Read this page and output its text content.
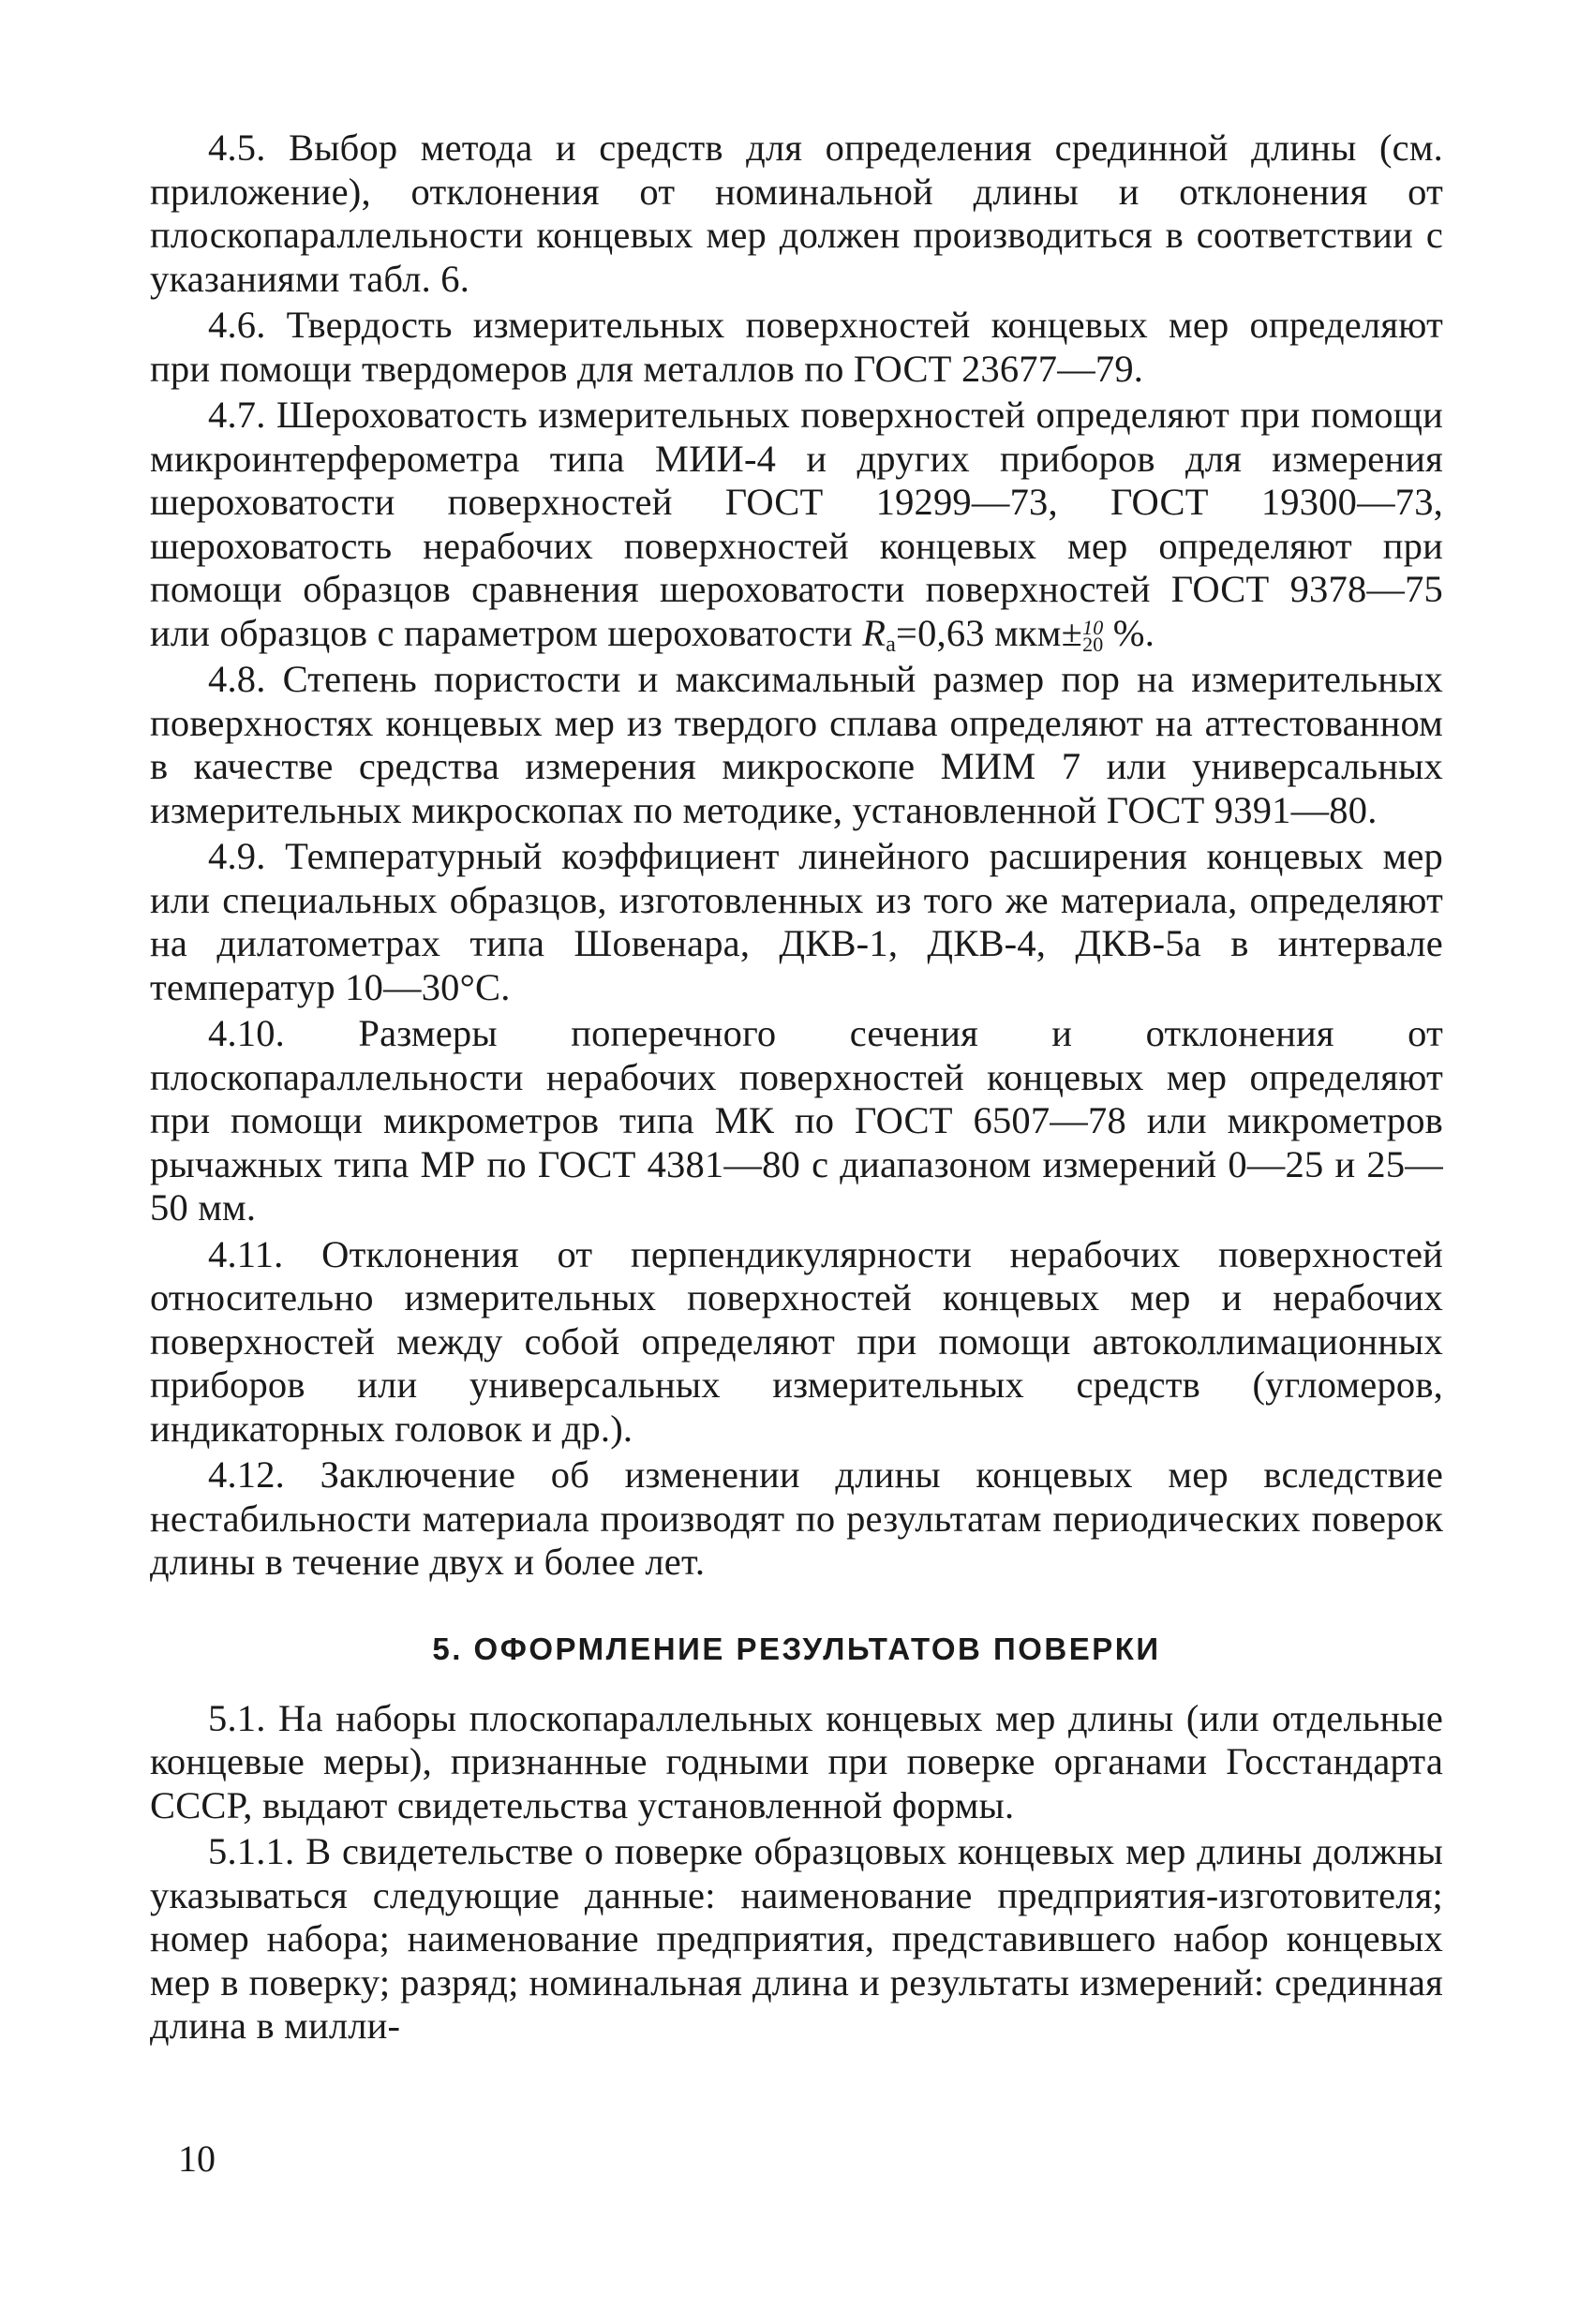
4.5. Выбор метода и средств для определения срединной длины (см. приложение), отклонения от номинальной длины и отклонения от плоскопараллельности концевых мер должен производиться в соответствии с указаниями табл. 6.

4.6. Твердость измерительных поверхностей концевых мер определяют при помощи твердомеров для металлов по ГОСТ 23677—79.

4.7. Шероховатость измерительных поверхностей определяют при помощи микроинтерферометра типа МИИ-4 и других приборов для измерения шероховатости поверхностей ГОСТ 19299—73, ГОСТ 19300—73, шероховатость нерабочих поверхностей концевых мер определяют при помощи образцов сравнения шероховатости поверхностей ГОСТ 9378—75 или образцов с параметром шероховатости $R_a=0,63$ мкм± 10
20 %.

4.8. Степень пористости и максимальный размер пор на измерительных поверхностях концевых мер из твердого сплава определяют на аттестованном в качестве средства измерения микроскопе МИМ 7 или универсальных измерительных микроскопах по методике, установленной ГОСТ 9391—80.

4.9. Температурный коэффициент линейного расширения концевых мер или специальных образцов, изготовленных из того же материала, определяют на дилатометрах типа Шовенара, ДКВ-1, ДКВ-4, ДКВ-5а в интервале температур 10—30°С.

4.10. Размеры поперечного сечения и отклонения от плоскопараллельности нерабочих поверхностей концевых мер определяют при помощи микрометров типа МК по ГОСТ 6507—78 или микрометров рычажных типа МР по ГОСТ 4381—80 с диапазоном измерений 0—25 и 25—50 мм.

4.11. Отклонения от перпендикулярности нерабочих поверхностей относительно измерительных поверхностей концевых мер и нерабочих поверхностей между собой определяют при помощи автоколлимационных приборов или универсальных измерительных средств (угломеров, индикаторных головок и др.).

4.12. Заключение об изменении длины концевых мер вследствие нестабильности материала производят по результатам периодических поверок длины в течение двух и более лет.

5. ОФОРМЛЕНИЕ РЕЗУЛЬТАТОВ ПОВЕРКИ

5.1. На наборы плоскопараллельных концевых мер длины (или отдельные концевые меры), признанные годными при поверке органами Госстандарта СССР, выдают свидетельства установленной формы.

5.1.1. В свидетельстве о поверке образцовых концевых мер длины должны указываться следующие данные: наименование предприятия-изготовителя; номер набора; наименование предприятия, представившего набор концевых мер в поверку; разряд; номинальная длина и результаты измерений: срединная длина в милли-

10
